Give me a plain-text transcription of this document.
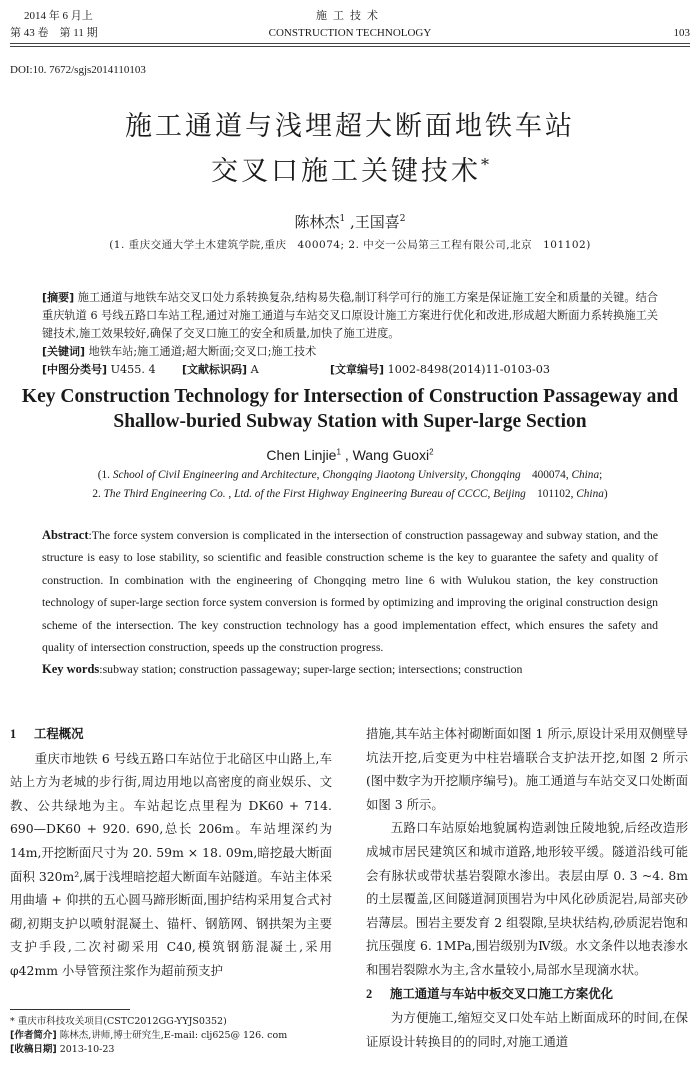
2014 年 6 月上
第 43 卷　第 11 期
施工技术
CONSTRUCTION TECHNOLOGY	103
DOI:10. 7672/sgjs2014110103
施工通道与浅埋超大断面地铁车站
交叉口施工关键技术*
陈林杰$^1$ ,王国喜$^2$
(1. 重庆交通大学土木建筑学院,重庆　400074; 2. 中交一公局第三工程有限公司,北京　101102)

[摘要] 施工通道与地铁车站交叉口处力系转换复杂,结构易失稳,制订科学可行的施工方案是保证施工安全和质量的关键。结合重庆轨道 6 号线五路口车站工程,通过对施工通道与车站交叉口原设计施工方案进行优化和改进,形成超大断面力系转换施工关键技术,施工效果较好,确保了交叉口施工的安全和质量,加快了施工进度。

[关键词] 地铁车站;施工通道;超大断面;交叉口;施工技术

[中图分类号] U455. 4	[文献标识码] A	[文章编号] 1002-8498(2014)11-0103-03
Key Construction Technology for Intersection of Construction Passageway and
Shallow-buried Subway Station with Super-large Section
Chen Linjie$^1$ , Wang Guoxi$^2$
(1. School of Civil Engineering and Architecture, Chongqing Jiaotong University, Chongqing　400074, China;
2. The Third Engineering Co. , Ltd. of the First Highway Engineering Bureau of CCCC, Beijing　101102, China)

Abstract:The force system conversion is complicated in the intersection of construction passageway and subway station, and the structure is easy to lose stability, so scientific and feasible construction scheme is the key to guarantee the safety and quality of construction. In combination with the engineering of Chongqing metro line 6 with Wulukou station, the key construction technology of super-large section force system conversion is formed by optimizing and improving the original construction design scheme of the intersection. The key construction technology has a good implementation effect, which ensures the safety and quality of intersection construction, speeds up the construction progress.

Key words:subway station; construction passageway; super-large section; intersections; construction

1 工程概况

重庆市地铁 6 号线五路口车站位于北碚区中山路上,车站上方为老城的步行街,周边用地以高密度的商业娱乐、文教、公共绿地为主。车站起讫点里程为 DK60 + 714. 690—DK60 + 920. 690,总长 206m。车站埋深约为 14m,开挖断面尺寸为 20. 59m × 18. 09m,暗挖最大断面面积 320m²,属于浅埋暗挖超大断面车站隧道。车站主体采用曲墙 + 仰拱的五心圆马蹄形断面,围护结构采用复合式衬砌,初期支护以喷射混凝土、锚杆、钢筋网、钢拱架为主要支护手段,二次衬砌采用 C40,模筑钢筋混凝土,采用 φ42mm 小导管预注浆作为超前预支护

措施,其车站主体衬砌断面如图 1 所示,原设计采用双侧壁导坑法开挖,后变更为中柱岩墙联合支护法开挖,如图 2 所示(图中数字为开挖顺序编号)。施工通道与车站交叉口处断面如图 3 所示。

五路口车站原始地貌属构造剥蚀丘陵地貌,后经改造形成城市居民建筑区和城市道路,地形较平缓。隧道沿线可能会有脉状或带状基岩裂隙水渗出。表层由厚 0. 3 ~4. 8m 的土层覆盖,区间隧道洞顶围岩为中风化砂质泥岩,局部夹砂岩薄层。围岩主要发育 2 组裂隙,呈块状结构,砂质泥岩饱和抗压强度 6. 1MPa,围岩级别为Ⅳ级。水文条件以地表渗水和围岩裂隙水为主,含水量较小,局部水呈现滴水状。

2 施工通道与车站中板交叉口施工方案优化

为方便施工,缩短交叉口处车站上断面成环的时间,在保证原设计转换目的的同时,对施工通道

* 重庆市科技攻关项目(CSTC2012GG-YYJS0352)
[作者简介] 陈林杰,讲师,博士研究生,E-mail: clj625@ 126. com
[收稿日期] 2013-10-23
